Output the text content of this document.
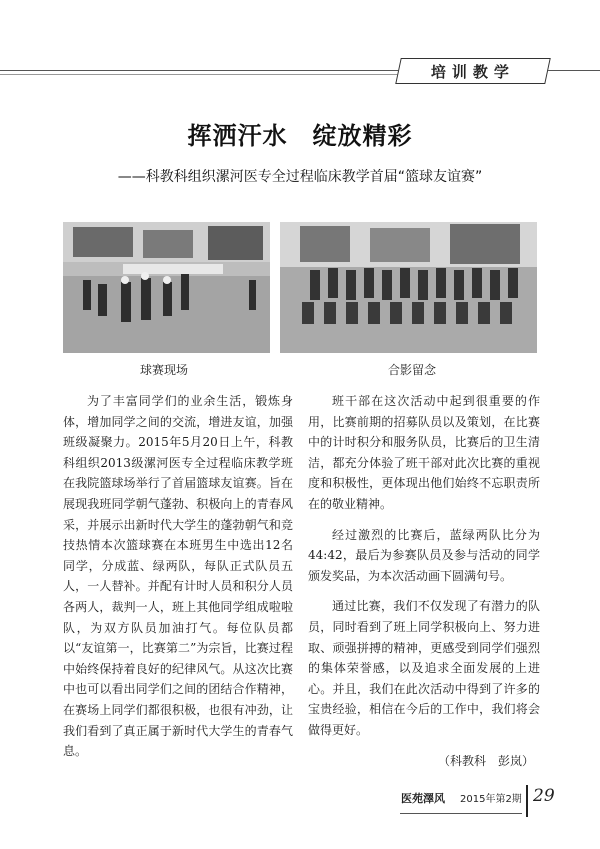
培训教学
挥洒汗水　绽放精彩
——科教科组织漯河医专全过程临床教学首届“篮球友谊赛”
球赛现场	合影留念

为了丰富同学们的业余生活，锻炼身体，增加同学之间的交流，增进友谊，加强班级凝聚力。2015年5月20日上午，科教科组织2013级漯河医专全过程临床教学班在我院篮球场举行了首届篮球友谊赛。旨在展现我班同学朝气蓬勃、积极向上的青春风采，并展示出新时代大学生的蓬勃朝气和竞技热情本次篮球赛在本班男生中选出12名同学，分成蓝、绿两队，每队正式队员五人，一人替补。并配有计时人员和积分人员各两人，裁判一人，班上其他同学组成啦啦队，为双方队员加油打气。每位队员都以“友谊第一，比赛第二”为宗旨，比赛过程中始终保持着良好的纪律风气。从这次比赛中也可以看出同学们之间的团结合作精神，在赛场上同学们都很积极，也很有冲劲，让我们看到了真正属于新时代大学生的青春气息。

班干部在这次活动中起到很重要的作用，比赛前期的招募队员以及策划，在比赛中的计时积分和服务队员，比赛后的卫生清洁，都充分体验了班干部对此次比赛的重视度和积极性，更体现出他们始终不忘职责所在的敬业精神。

经过激烈的比赛后，蓝绿两队比分为44:42，最后为参赛队员及参与活动的同学颁发奖品，为本次活动画下圆满句号。

通过比赛，我们不仅发现了有潜力的队员，同时看到了班上同学积极向上、努力进取、顽强拼搏的精神，更感受到同学们强烈的集体荣誉感，以及追求全面发展的上进心。并且，我们在此次活动中得到了许多的宝贵经验，相信在今后的工作中，我们将会做得更好。

（科教科　彭岚）

医苑澤风 2015年第2期 29
